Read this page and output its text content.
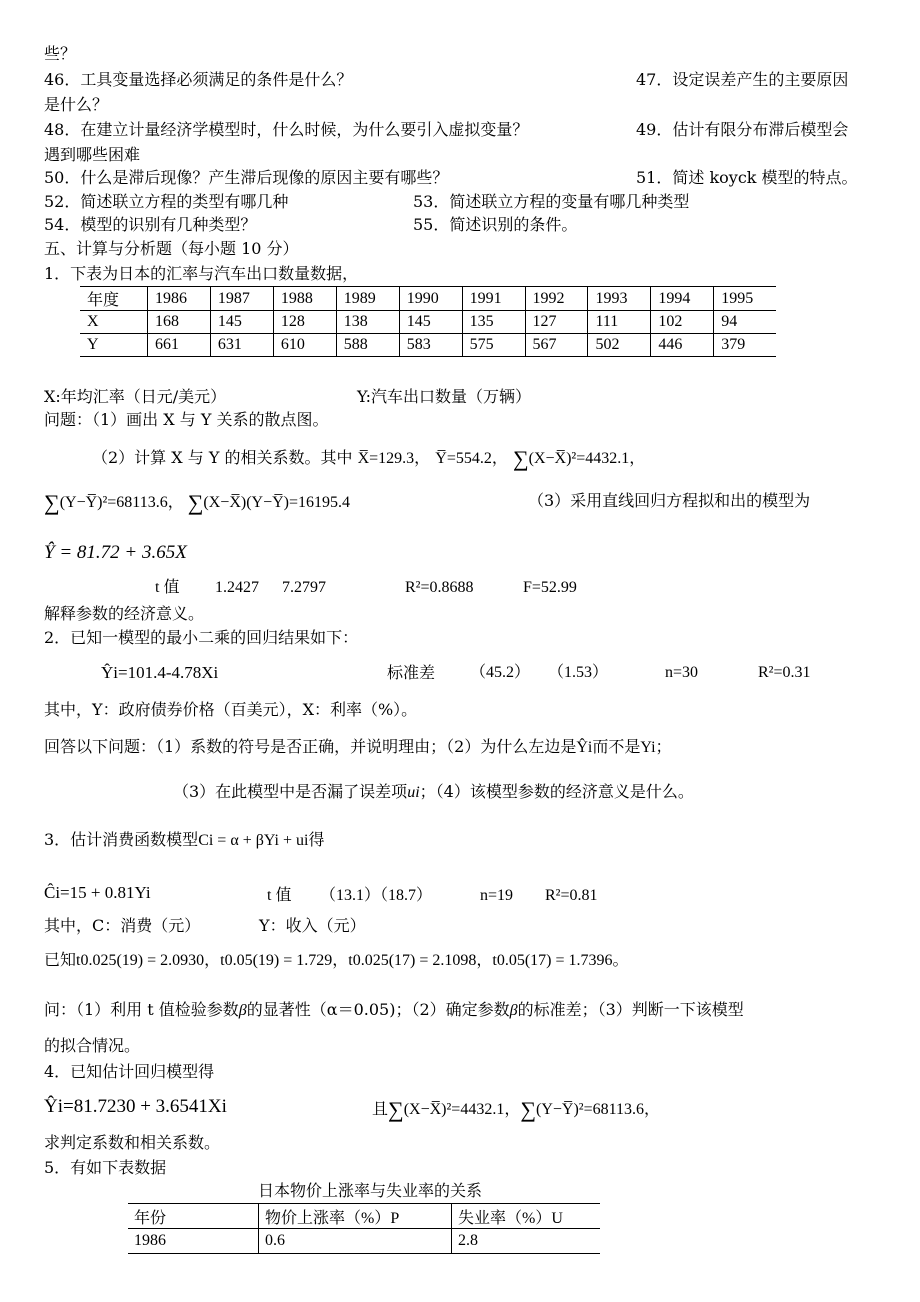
些？
46．工具变量选择必须满足的条件是什么？	47．设定误差产生的主要原因
是什么？
48．在建立计量经济学模型时，什么时候，为什么要引入虚拟变量？	49．估计有限分布滞后模型会
遇到哪些困难
50．什么是滞后现像？产生滞后现像的原因主要有哪些？	51．简述 koyck 模型的特点。
52．简述联立方程的类型有哪几种	53．简述联立方程的变量有哪几种类型
54．模型的识别有几种类型？	55．简述识别的条件。
五、计算与分析题（每小题 10 分）
1．下表为日本的汇率与汽车出口数量数据，
年度	1986	1987	1988	1989	1990	1991	1992	1993	1994	1995
X	168	145	128	138	145	135	127	111	102	94
Y	661	631	610	588	583	575	567	502	446	379
X:年均汇率（日元/美元）	Y:汽车出口数量（万辆）
问题：（1）画出 X 与 Y 关系的散点图。
（2）计算 X 与 Y 的相关系数。其中 X̅=129.3， Y̅=554.2， ∑(X−X̅)²=4432.1，
∑(Y−Y̅)²=68113.6， ∑(X−X̅)(Y−Y̅)=16195.4	（3）采用直线回归方程拟和出的模型为
Ŷ = 81.72 + 3.65X
t 值 1.2427 7.2797	R²=0.8688	F=52.99
解释参数的经济意义。
2．已知一模型的最小二乘的回归结果如下：
Ŷi=101.4-4.78Xi	标准差 （45.2） （1.53）	n=30	R²=0.31
其中，Y：政府债券价格（百美元），X：利率（%）。
回答以下问题：（1）系数的符号是否正确，并说明理由；（2）为什么左边是Ŷi而不是Yi；
（3）在此模型中是否漏了误差项ui；（4）该模型参数的经济意义是什么。
3．估计消费函数模型Ci = α + βYi + ui得
Ĉi=15 + 0.81Yi	t 值 （13.1）（18.7）	n=19 R²=0.81
其中，C：消费（元）	Y：收入（元）
已知t0.025(19) = 2.0930，t0.05(19) = 1.729，t0.025(17) = 2.1098，t0.05(17) = 1.7396。
问：（1）利用 t 值检验参数β的显著性（α＝0.05)；（2）确定参数β的标准差；（3）判断一下该模型
的拟合情况。
4．已知估计回归模型得
Ŷi=81.7230 + 3.6541Xi	且∑(X−X̅)²=4432.1，∑(Y−Y̅)²=68113.6，
求判定系数和相关系数。
5．有如下表数据
日本物价上涨率与失业率的关系
年份	物价上涨率（%）P	失业率（%）U
1986	0.6	2.8
